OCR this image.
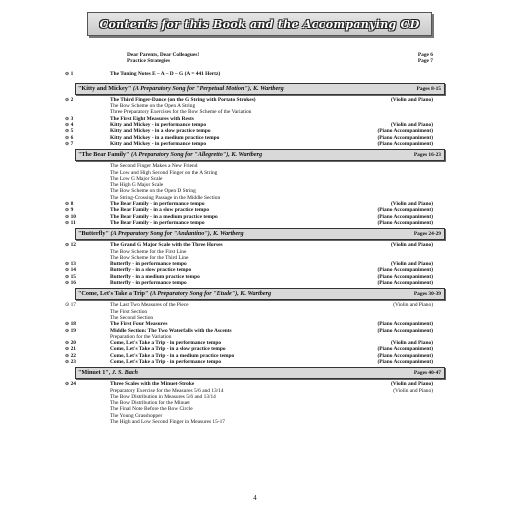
Contents for this Book and the Accompanying CD
Dear Parents, Dear Colleagues!	Page 6
Practice Strategies	Page 7
⊙ 1	The Tuning Notes E – A – D – G (A = 441 Hertz)
"Kitty and Mickey" (A Preparatory Song for "Perpetual Motion"), K. Wartberg	Pages 8-15
⊙ 2	The Third Finger-Dance (on the G String with Portato Strokes)	(Violin and Piano)
The Bow Scheme on the Open A String
Three Preparatory Exercises for the Bow Scheme of the Variation
⊙ 3	The First Eight Measures with Rests
⊙ 4	Kitty and Mickey - in performance tempo	(Violin and Piano)
⊙ 5	Kitty and Mickey - in a slow practice tempo	(Piano Accompaniment)
⊙ 6	Kitty and Mickey - in a medium practice tempo	(Piano Accompaniment)
⊙ 7	Kitty and Mickey - in performance tempo	(Piano Accompaniment)
"The Bear Family" (A Preparatory Song for "Allegretto"), K. Wartberg	Pages 16-23
The Second Finger Makes a New Friend
The Low and High Second Finger on the A String
The Low G Major Scale
The High G Major Scale
The Bow Scheme on the Open D String
The String-Crossing Passage in the Middle Section
⊙ 8	The Bear Family - in performance tempo	(Violin and Piano)
⊙ 9	The Bear Family - in a slow practice tempo	(Piano Accompaniment)
⊙ 10	The Bear Family - in a medium practice tempo	(Piano Accompaniment)
⊙ 11	The Bear Family - in performance tempo	(Piano Accompaniment)
"Butterfly" (A Preparatory Song for "Andantino"), K. Wartberg	Pages 24-29
⊙ 12	The Grand G Major Scale with the Three Horses	(Violin and Piano)
The Bow Scheme for the First Line
The Bow Scheme for the Third Line
⊙ 13	Butterfly - in performance tempo	(Violin and Piano)
⊙ 14	Butterfly - in a slow practice tempo	(Piano Accompaniment)
⊙ 15	Butterfly - in a medium practice tempo	(Piano Accompaniment)
⊙ 16	Butterfly - in performance tempo	(Piano Accompaniment)
"Come, Let's Take a Trip" (A Preparatory Song for "Etude"), K. Wartberg	Pages 30-39
⊙ 17	The Last Two Measures of the Piece	(Violin and Piano)
The First Section
The Second Section
⊙ 18	The First Four Measures	(Piano Accompaniment)
⊙ 19	Middle Section: The Two Waterfalls with the Ascents	(Piano Accompaniment)
Preparation for the Variation
⊙ 20	Come, Let's Take a Trip - in performance tempo	(Violin and Piano)
⊙ 21	Come, Let's Take a Trip - in a slow practice tempo	(Piano Accompaniment)
⊙ 22	Come, Let's Take a Trip - in a medium practice tempo	(Piano Accompaniment)
⊙ 23	Come, Let's Take a Trip - in performance tempo	(Piano Accompaniment)
"Minuet 1", J. S. Bach	Pages 40-47
⊙ 24	Three Scales with the Minuet-Stroke	(Violin and Piano)
Preparatory Exercise for the Measures 5/6 and 13/14	(Violin and Piano)
The Bow Distribution in Measures 5/6 and 13/14
The Bow Distribution for the Minuet
The Final Note Before the Bow Circle
The Young Grasshopper
The High and Low Second Finger in Measures 15-17
4
